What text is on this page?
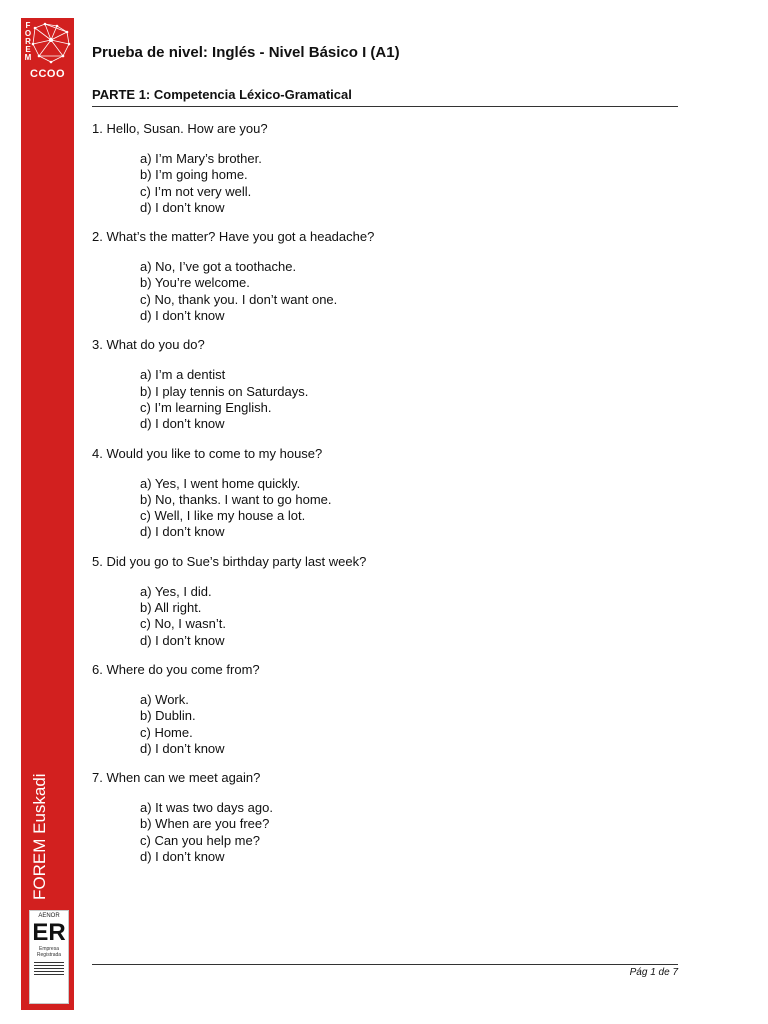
F
O
R
E
M
CCOO
FOREM Euskadi
AENOR
ER
Empresa
Registrada
Prueba de nivel: Inglés - Nivel Básico I (A1)
PARTE 1: Competencia Léxico-Gramatical
1. Hello, Susan. How are you?
a) I’m Mary’s brother.
b) I’m going home.
c) I’m not very well.
d) I don’t know
2. What’s the matter? Have you got a headache?
a) No, I’ve got a toothache.
b) You’re welcome.
c) No, thank you. I don’t want one.
d) I don’t know
3. What do you do?
a) I’m a dentist
b) I play tennis on Saturdays.
c) I’m learning English.
d) I don’t know
4. Would you like to come to my house?
a) Yes, I went home quickly.
b) No, thanks. I want to go home.
c) Well, I like my house a lot.
d) I don’t know
5. Did you go to Sue’s birthday party last week?
a) Yes, I did.
b) All right.
c) No, I wasn’t.
d) I don’t know
6. Where do you come from?
a) Work.
b) Dublin.
c) Home.
d) I don’t know
7. When can we meet again?
a) It was two days ago.
b) When are you free?
c) Can you help me?
d) I don’t know
Pág 1 de 7
